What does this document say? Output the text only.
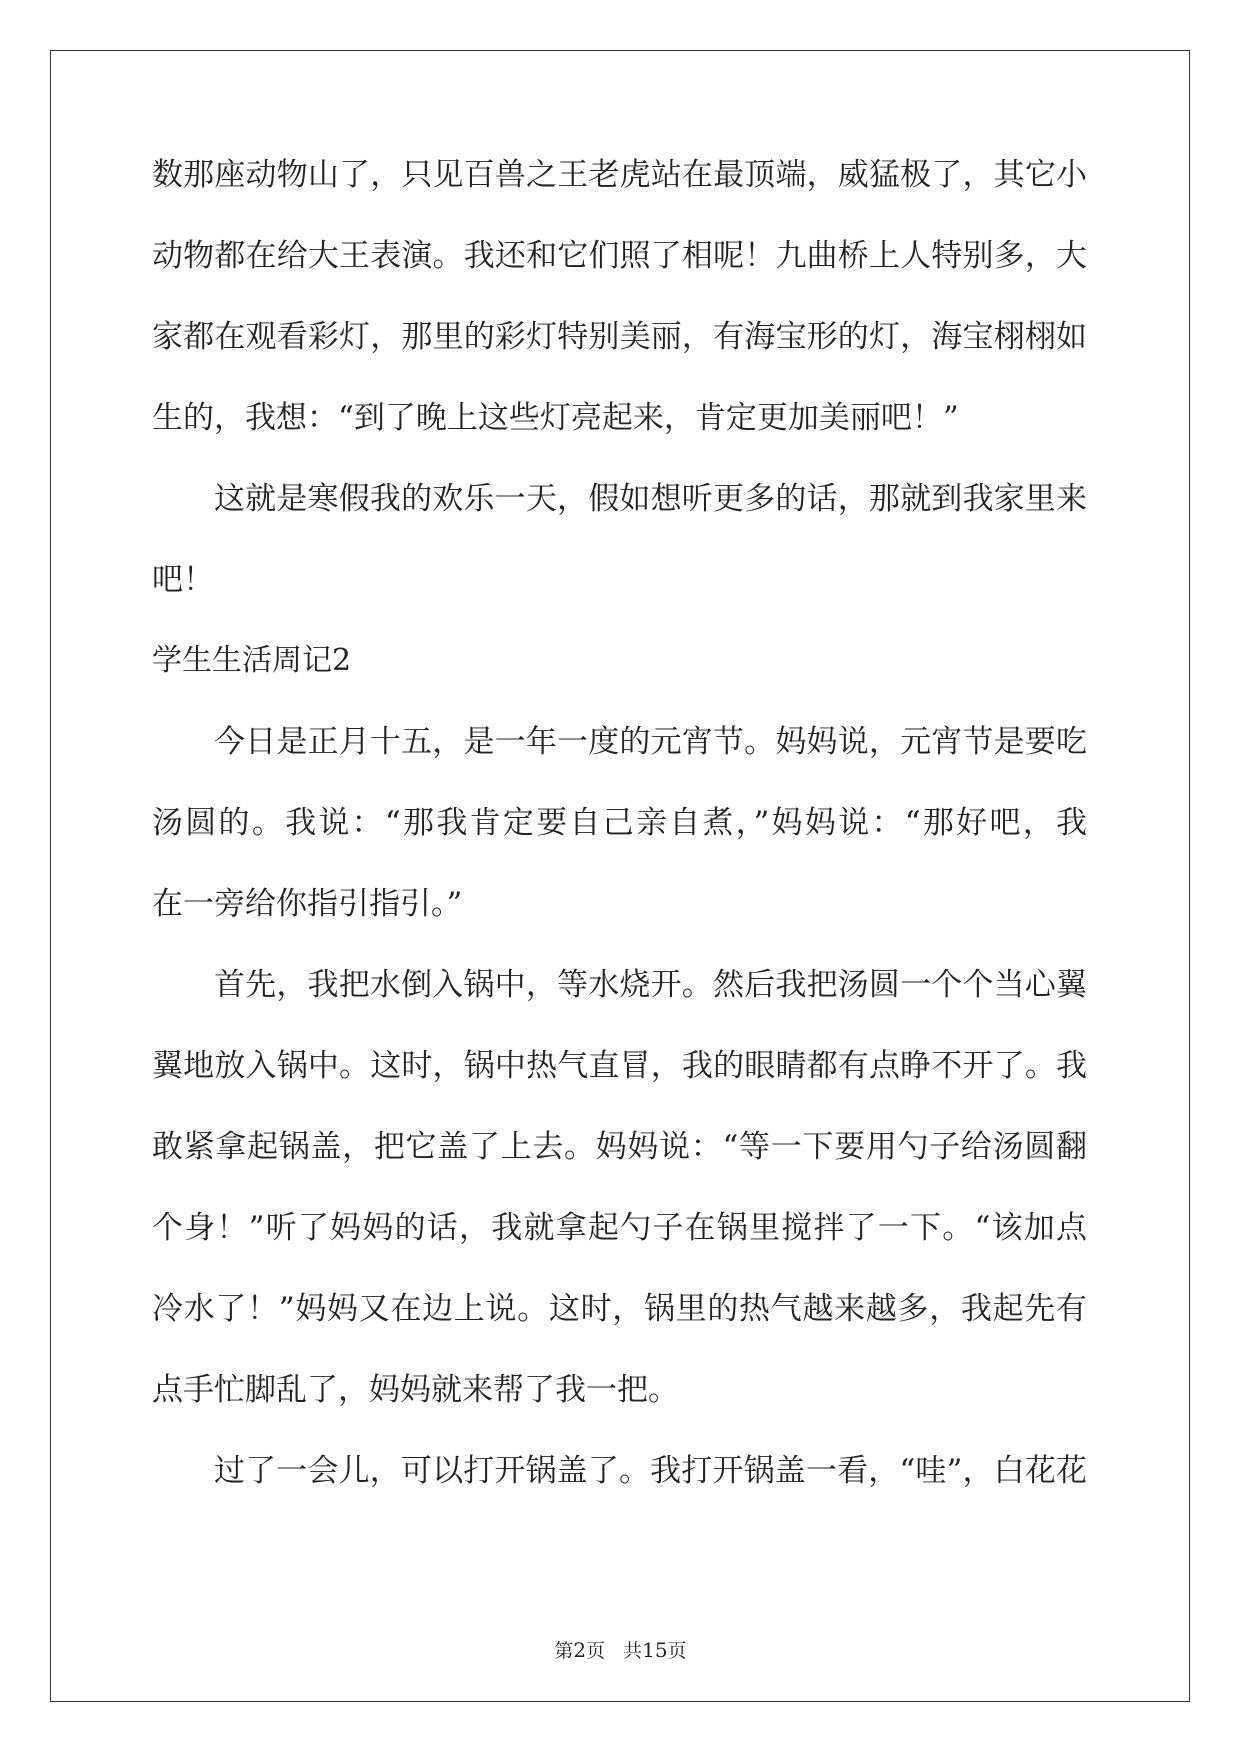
数那座动物山了，只见百兽之王老虎站在最顶端，威猛极了，其它小
动物都在给大王表演。我还和它们照了相呢！九曲桥上人特别多，大
家都在观看彩灯，那里的彩灯特别美丽，有海宝形的灯，海宝栩栩如
生的，我想：“到了晚上这些灯亮起来，肯定更加美丽吧！”
这就是寒假我的欢乐一天，假如想听更多的话，那就到我家里来
吧！
学生生活周记2
今日是正月十五，是一年一度的元宵节。妈妈说，元宵节是要吃
汤圆的。我说：“那我肯定要自己亲自煮，”妈妈说：“那好吧，我
在一旁给你指引指引。”
首先，我把水倒入锅中，等水烧开。然后我把汤圆一个个当心翼
翼地放入锅中。这时，锅中热气直冒，我的眼睛都有点睁不开了。我
敢紧拿起锅盖，把它盖了上去。妈妈说：“等一下要用勺子给汤圆翻
个身！”听了妈妈的话，我就拿起勺子在锅里搅拌了一下。“该加点
冷水了！”妈妈又在边上说。这时，锅里的热气越来越多，我起先有
点手忙脚乱了，妈妈就来帮了我一把。
过了一会儿，可以打开锅盖了。我打开锅盖一看，“哇”，白花花
第2页 共15页
